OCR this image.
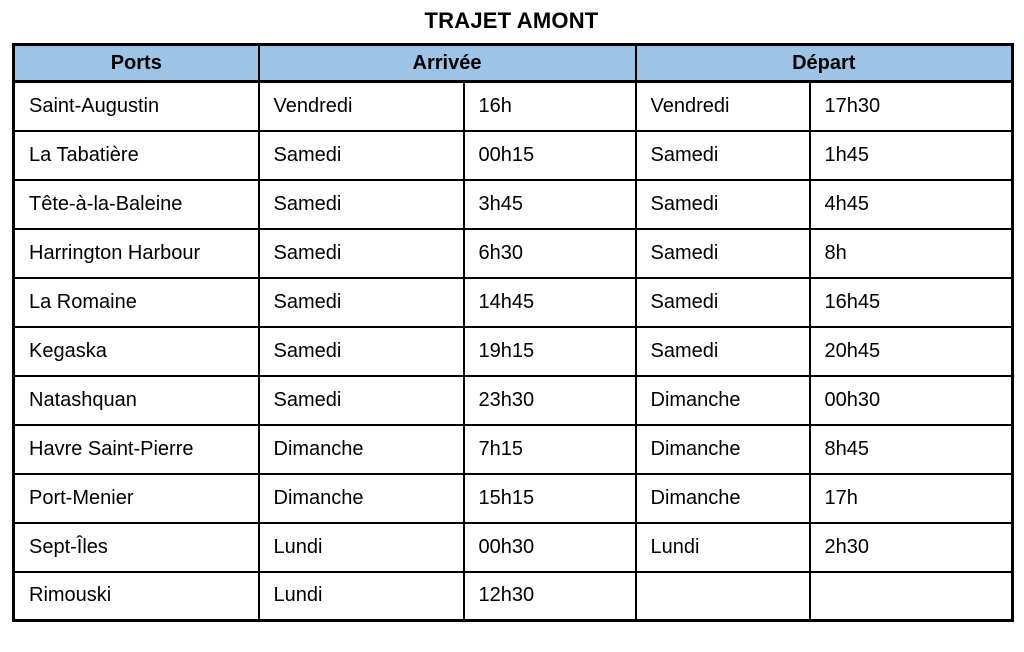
TRAJET AMONT
Ports	Arrivée		Départ	
Saint-Augustin	Vendredi	16h	Vendredi	17h30
La Tabatière	Samedi	00h15	Samedi	1h45
Tête-à-la-Baleine	Samedi	3h45	Samedi	4h45
Harrington Harbour	Samedi	6h30	Samedi	8h
La Romaine	Samedi	14h45	Samedi	16h45
Kegaska	Samedi	19h15	Samedi	20h45
Natashquan	Samedi	23h30	Dimanche	00h30
Havre Saint-Pierre	Dimanche	7h15	Dimanche	8h45
Port-Menier	Dimanche	15h15	Dimanche	17h
Sept-Îles	Lundi	00h30	Lundi	2h30
Rimouski	Lundi	12h30		
